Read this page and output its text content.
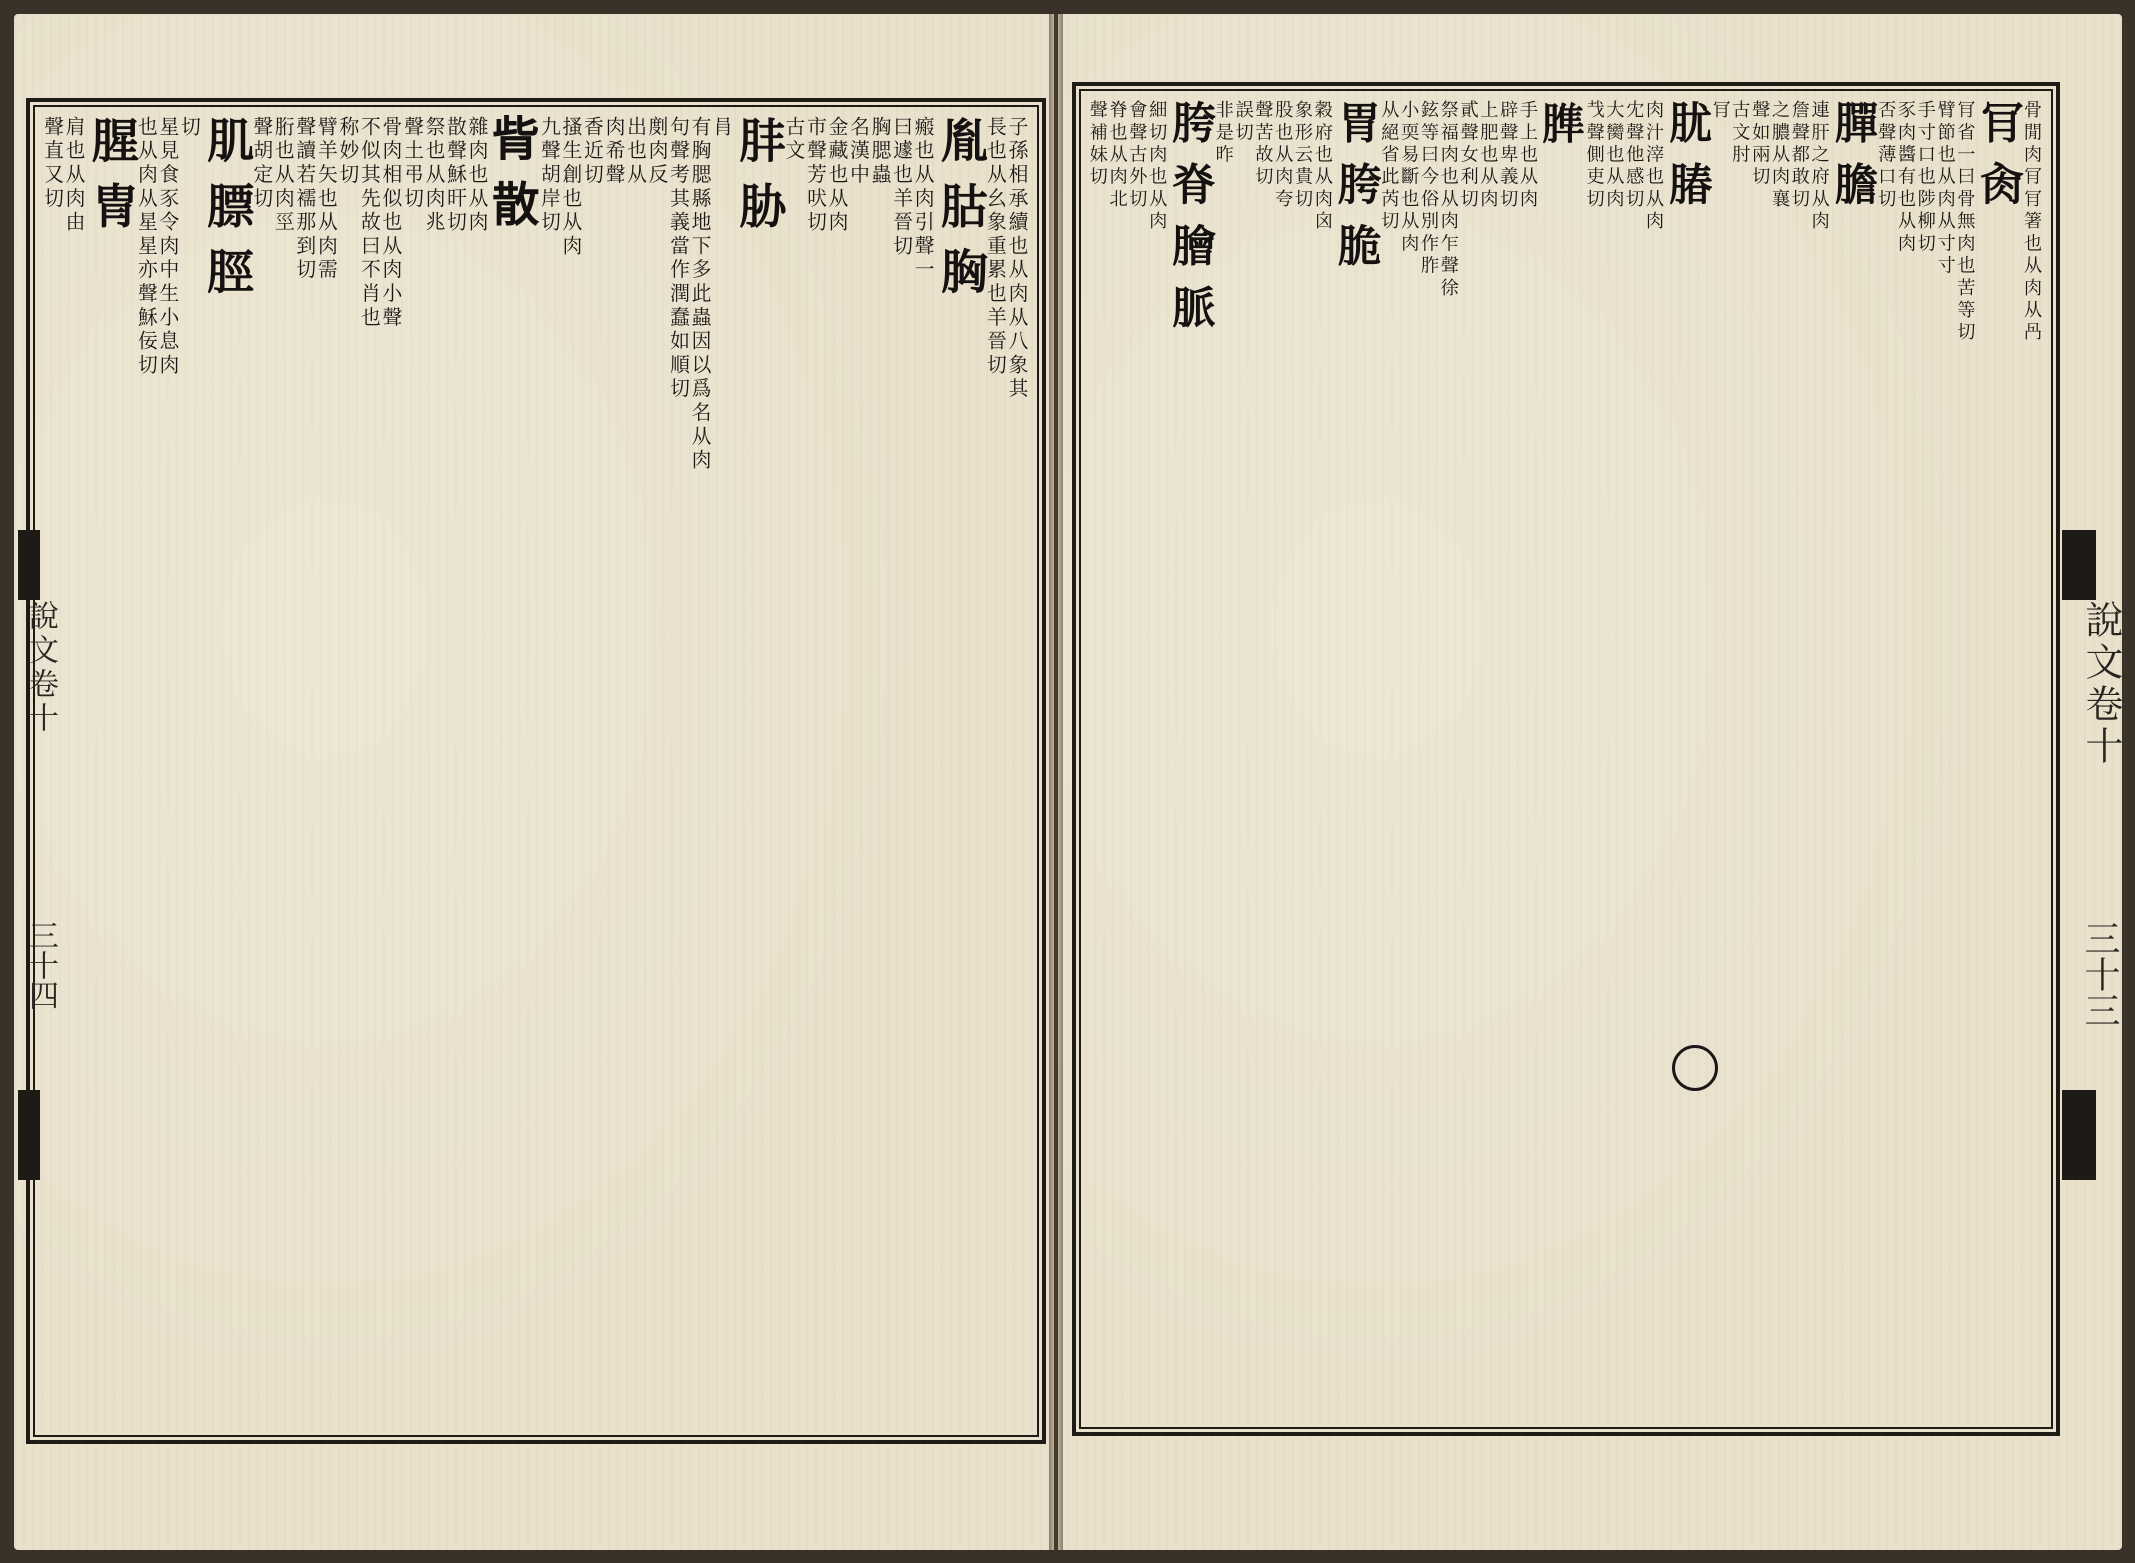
說文卷十
三十三
說文卷十
三十四
骨閒肉肎肎箸也从肉从冎
肎肏
肎省一曰骨無肉也苦等切
臂節也从肉从寸寸
手寸口也陟柳切
豕肉醬有也从肉
否聲薄口切
䐷膽
連肝之府从肉
詹聲都敢切
之膿从肉襄
聲如兩切
古文肘
肎
肬䐏
肉汁滓也从肉
冘聲他感切
大臠也从肉
𢦏聲側吏切
𦞠
手上也从肉
辟聲卑義切
上肥也从肉
貳聲女利切
祭福肉也从肉乍聲徐
鉉等曰今俗別作胙
小耎易斷也从肉
从絕省此芮切
胃胯脆
穀府也从肉囟
象形云貴切
股也从肉夸
聲苦故切
誤切
非是昨
胯脊膾脈
細切肉也从肉
會聲古外切
脊也从肉北
聲補妹切
子孫相承續也从肉从八象其
長也从幺象重累也羊晉切
胤𦙶胸
瘢也从肉引聲一
曰遽也羊晉切
胸腮蟲
名漢中
金藏也从肉
市聲芳吠切
古文
肨胁
肙
有胸腮縣地下多此蟲因以爲名从肉
句聲考其義當作潤蠢如順切
剫肉反
出也从
肉希聲
香近切
搔生創也从肉
九聲胡岸切
𦙼散
雜肉也从肉
㪚聲穌旰切
祭也从肉兆
聲土弔切
骨肉相似也从肉小聲
不似其先故曰不肖也
称妙切
臂羊矢也从肉需
聲讀若襦那到切
胻也从肉巠
聲胡定切
肌膘脛
切
星見食豕令肉中生小息肉
也从肉从星星亦聲穌佞切
腥冑
肩也从肉由
聲直又切
